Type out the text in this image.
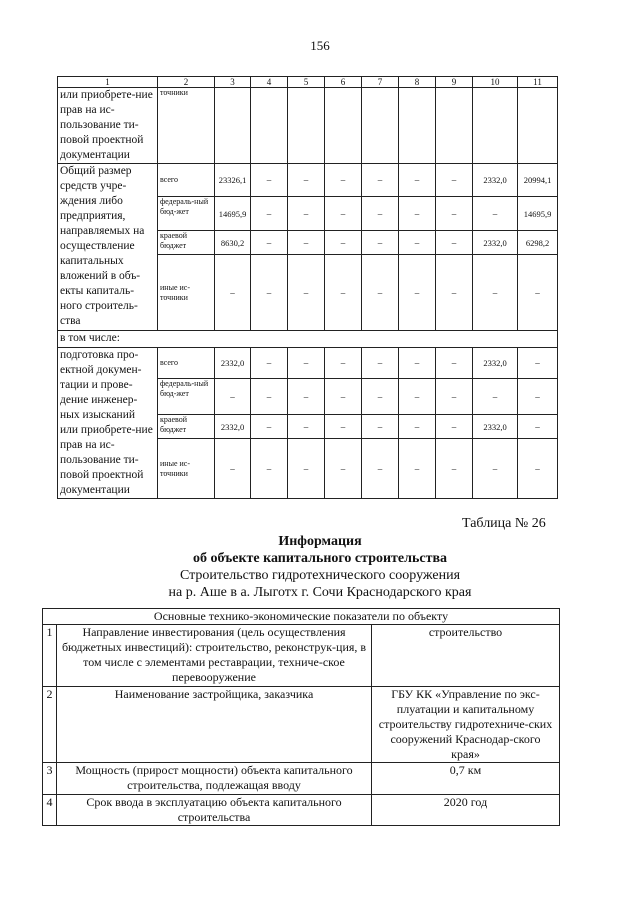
156
1	2	3	4	5	6	7	8	9	10	11
или приобрете-ние прав на ис-пользование ти-повой проектной документации	точники									
Общий размер средств учре-ждения либо предприятия, направляемых на осуществление капитальных вложений в объ-екты капиталь-ного строитель-ства	всего	23326,1	–	–	–	–	–	–	2332,0	20994,1
	федераль-ный бюд-жет	14695,9	–	–	–	–	–	–	–	14695,9
	краевой бюджет	8630,2	–	–	–	–	–	–	2332,0	6298,2
	иные ис-точники	–	–	–	–	–	–	–	–	–
в том числе:										
подготовка про-ектной докумен-тации и прове-дение инженер-ных изысканий или приобрете-ние прав на ис-пользование ти-повой проектной документации	всего	2332,0	–	–	–	–	–	–	2332,0	–
	федераль-ный бюд-жет	–	–	–	–	–	–	–	–	–
	краевой бюджет	2332,0	–	–	–	–	–	–	2332,0	–
	иные ис-точники	–	–	–	–	–	–	–	–	–
Таблица № 26
Информация
об объекте капитального строительства
Строительство гидротехнического сооружения
на р. Аше в а. Лыготх г. Сочи Краснодарского края
Основные технико-экономические показатели по объекту		
1	Направление инвестирования (цель осуществления бюджетных инвестиций): строительство, реконструк-ция, в том числе с элементами реставрации, техниче-ское перевооружение	строительство
2	Наименование застройщика, заказчика	ГБУ КК «Управление по экс-плуатации и капитальному строительству гидротехниче-ских сооружений Краснодар-ского края»
3	Мощность (прирост мощности) объекта капитального строительства, подлежащая вводу	0,7 км
4	Срок ввода в эксплуатацию объекта капитального строительства	2020 год
